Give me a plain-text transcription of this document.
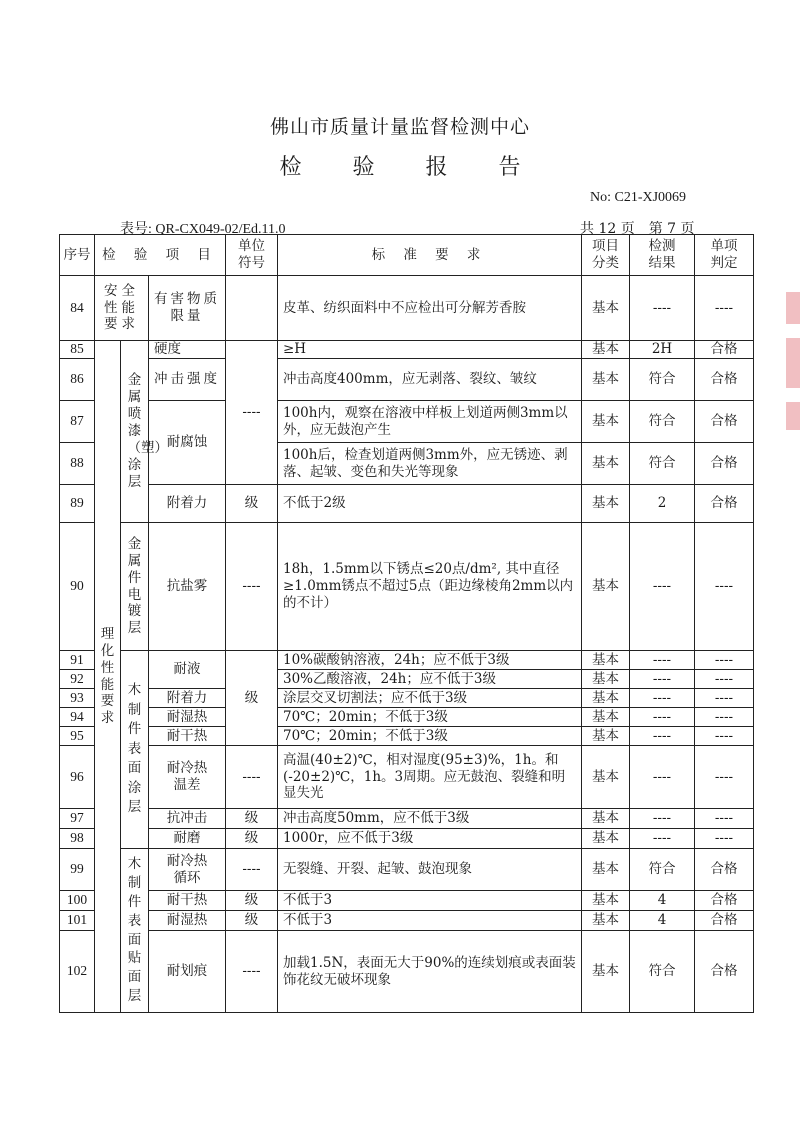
佛山市质量计量监督检测中心
检 验 报 告
No: C21-XJ0069
表号: QR-CX049-02/Ed.11.0	共 12 页　第 7 页
序号	检 验 项 目			单位符号	标 准 要 求	项目分类	检测结果	单项判定

84	安全性能要求		有害物质限量		皮革、纺织面料中不应检出可分解芳香胺	基本	----	----
85	理化性能要求	金属喷漆（塑）涂层	硬度	----	≥H	基本	2H	合格
86			冲击强度		冲击高度400mm，应无剥落、裂纹、皱纹	基本	符合	合格
87			耐腐蚀		100h内，观察在溶液中样板上划道两侧3mm以外，应无鼓泡产生	基本	符合	合格
88					100h后，检查划道两侧3mm外，应无锈迹、剥落、起皱、变色和失光等现象	基本	符合	合格
89			附着力	级	不低于2级	基本	2	合格
90		金属件电镀层	抗盐雾	----	18h，1.5mm以下锈点≤20点/dm², 其中直径≥1.0mm锈点不超过5点（距边缘棱角2mm以内的不计）	基本	----	----
91		木制件表面涂层	耐液	级	10%碳酸钠溶液，24h；应不低于3级	基本	----	----
92					30%乙酸溶液，24h；应不低于3级	基本	----	----
93			附着力		涂层交叉切割法；应不低于3级	基本	----	----
94			耐湿热		70℃；20min；不低于3级	基本	----	----
95			耐干热		70℃；20min；不低于3级	基本	----	----
96			耐冷热温差	----	高温(40±2)℃，相对湿度(95±3)%，1h。和(-20±2)℃，1h。3周期。应无鼓泡、裂缝和明显失光	基本	----	----
97			抗冲击	级	冲击高度50mm，应不低于3级	基本	----	----
98			耐磨	级	1000r，应不低于3级	基本	----	----
99		木制件表面贴面层	耐冷热循环	----	无裂缝、开裂、起皱、鼓泡现象	基本	符合	合格
100			耐干热	级	不低于3	基本	4	合格
101			耐湿热	级	不低于3	基本	4	合格
102			耐划痕	----	加载1.5N，表面无大于90%的连续划痕或表面装饰花纹无破坏现象	基本	符合	合格
